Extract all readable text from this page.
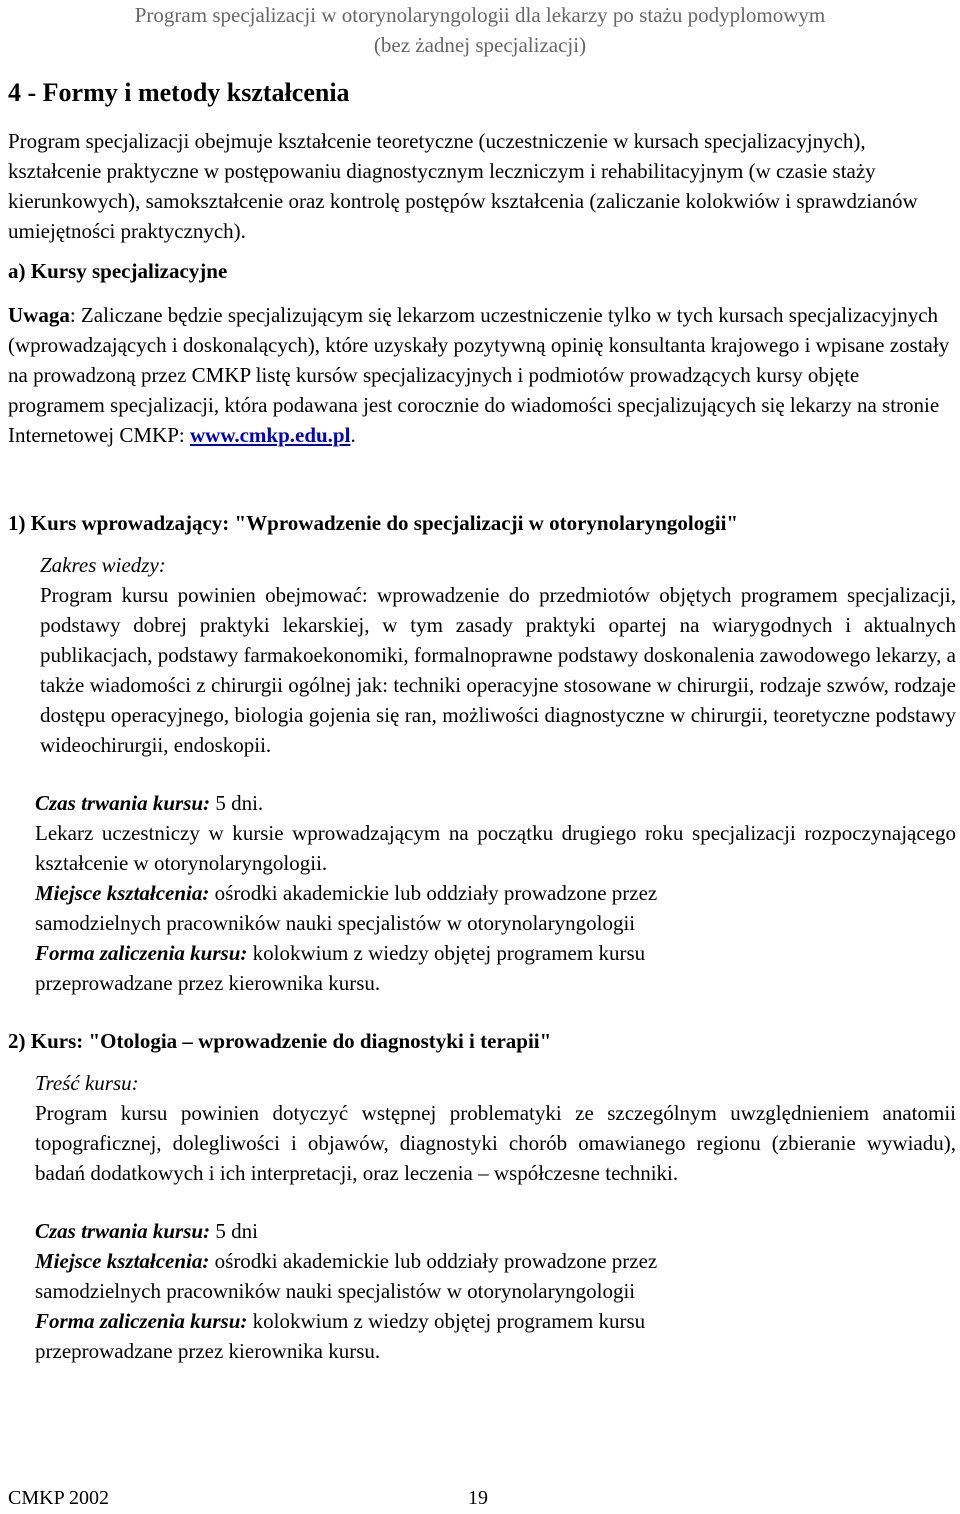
Program specjalizacji w otorynolaryngologii dla lekarzy po stażu podyplomowym
(bez żadnej specjalizacji)
4 - Formy i metody kształcenia

Program specjalizacji obejmuje kształcenie teoretyczne (uczestniczenie w kursach specjalizacyjnych), kształcenie praktyczne w postępowaniu diagnostycznym leczniczym i rehabilitacyjnym (w czasie staży kierunkowych), samokształcenie oraz kontrolę postępów kształcenia (zaliczanie kolokwiów i sprawdzianów umiejętności praktycznych).

a) Kursy specjalizacyjne

Uwaga: Zaliczane będzie specjalizującym się lekarzom uczestniczenie tylko w tych kursach specjalizacyjnych (wprowadzających i doskonalących), które uzyskały pozytywną opinię konsultanta krajowego i wpisane zostały na prowadzoną przez CMKP listę kursów specjalizacyjnych i podmiotów prowadzących kursy objęte programem specjalizacji, która podawana jest corocznie do wiadomości specjalizujących się lekarzy na stronie Internetowej CMKP: www.cmkp.edu.pl.

1) Kurs wprowadzający: "Wprowadzenie do specjalizacji w otorynolaryngologii"
Zakres wiedzy:

Program kursu powinien obejmować: wprowadzenie do przedmiotów objętych programem specjalizacji, podstawy dobrej praktyki lekarskiej, w tym zasady praktyki opartej na wiarygodnych i aktualnych publikacjach, podstawy farmakoekonomiki, formalnoprawne podstawy doskonalenia zawodowego lekarzy, a także wiadomości z chirurgii ogólnej jak: techniki operacyjne stosowane w chirurgii, rodzaje szwów, rodzaje dostępu operacyjnego, biologia gojenia się ran, możliwości diagnostyczne w chirurgii, teoretyczne podstawy wideochirurgii, endoskopii.

Czas trwania kursu: 5 dni.

Lekarz uczestniczy w kursie wprowadzającym na początku drugiego roku specjalizacji rozpoczynającego kształcenie w otorynolaryngologii.

Miejsce kształcenia: ośrodki akademickie lub oddziały prowadzone przez
samodzielnych pracowników nauki specjalistów w otorynolaryngologii
Forma zaliczenia kursu: kolokwium z wiedzy objętej programem kursu
przeprowadzane przez kierownika kursu.
2) Kurs: "Otologia – wprowadzenie do diagnostyki i terapii"
Treść kursu:

Program kursu powinien dotyczyć wstępnej problematyki ze szczególnym uwzględnieniem anatomii topograficznej, dolegliwości i objawów, diagnostyki chorób omawianego regionu (zbieranie wywiadu), badań dodatkowych i ich interpretacji, oraz leczenia – współczesne techniki.

Czas trwania kursu: 5 dni
Miejsce kształcenia: ośrodki akademickie lub oddziały prowadzone przez
samodzielnych pracowników nauki specjalistów w otorynolaryngologii
Forma zaliczenia kursu: kolokwium z wiedzy objętej programem kursu
przeprowadzane przez kierownika kursu.
CMKP 2002	19
